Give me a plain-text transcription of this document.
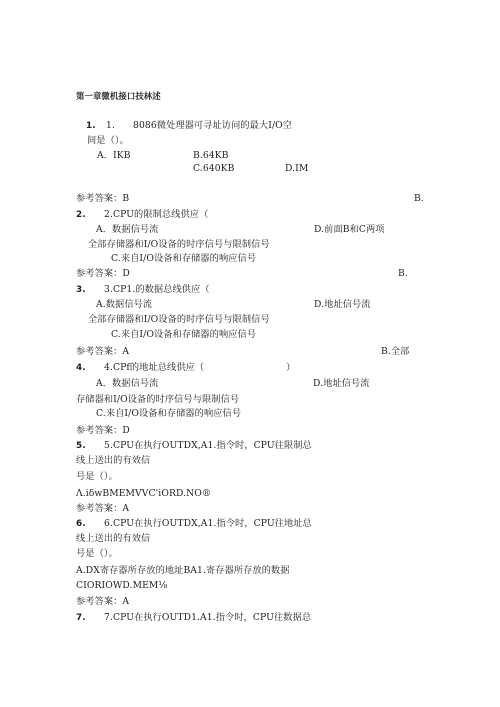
第一章微机接口技林述
1. 1. 8086微处理器可寻址访问的最大I/O空
间是（）。
A．IKB	B.64KB
C.640KB	D.IM
参考答案：B	B.
2. 2.CPU的限制总线供应（
A．数据信号流	D.前面B和C两项
全部存储器和I/O设备的时序信号与限制信号
C.来自I/O设备和存储器的响应信号
参考答案：D	B.
3. 3.CP1.的数据总线供应（
A.数据信号流	D.地址信号流
全部存储器和I/O设备的时序信号与限制信号
C.来自I/O设备和存储器的响应信号
参考答案：A	B.全部
4. 4.CPf的地址总线供应（	）
A．数据信号流	D.地址信号流
存储器和I/O设备的时序信号与限制信号
C.来自I/O设备和存储器的响应信号
参考答案：D
5. 5.CPU在执行OUTDX,A1.指令时，CPU往限制总
线上送出的有效信
号是（）。
Λ.iδwBMEMVVC'iORD.NO®
参考答案：A
6. 6.CPU在执行OUTDX,A1.指令时，CPU往地址总
线上送出的有效信
号是（）。
A.DX寄存器所存放的地址BA1.寄存器所存放的数据
CIORIOWD.MEM⅛
参考答案：A
7. 7.CPU在执行OUTD1.A1.指令时，CPU往数据总
